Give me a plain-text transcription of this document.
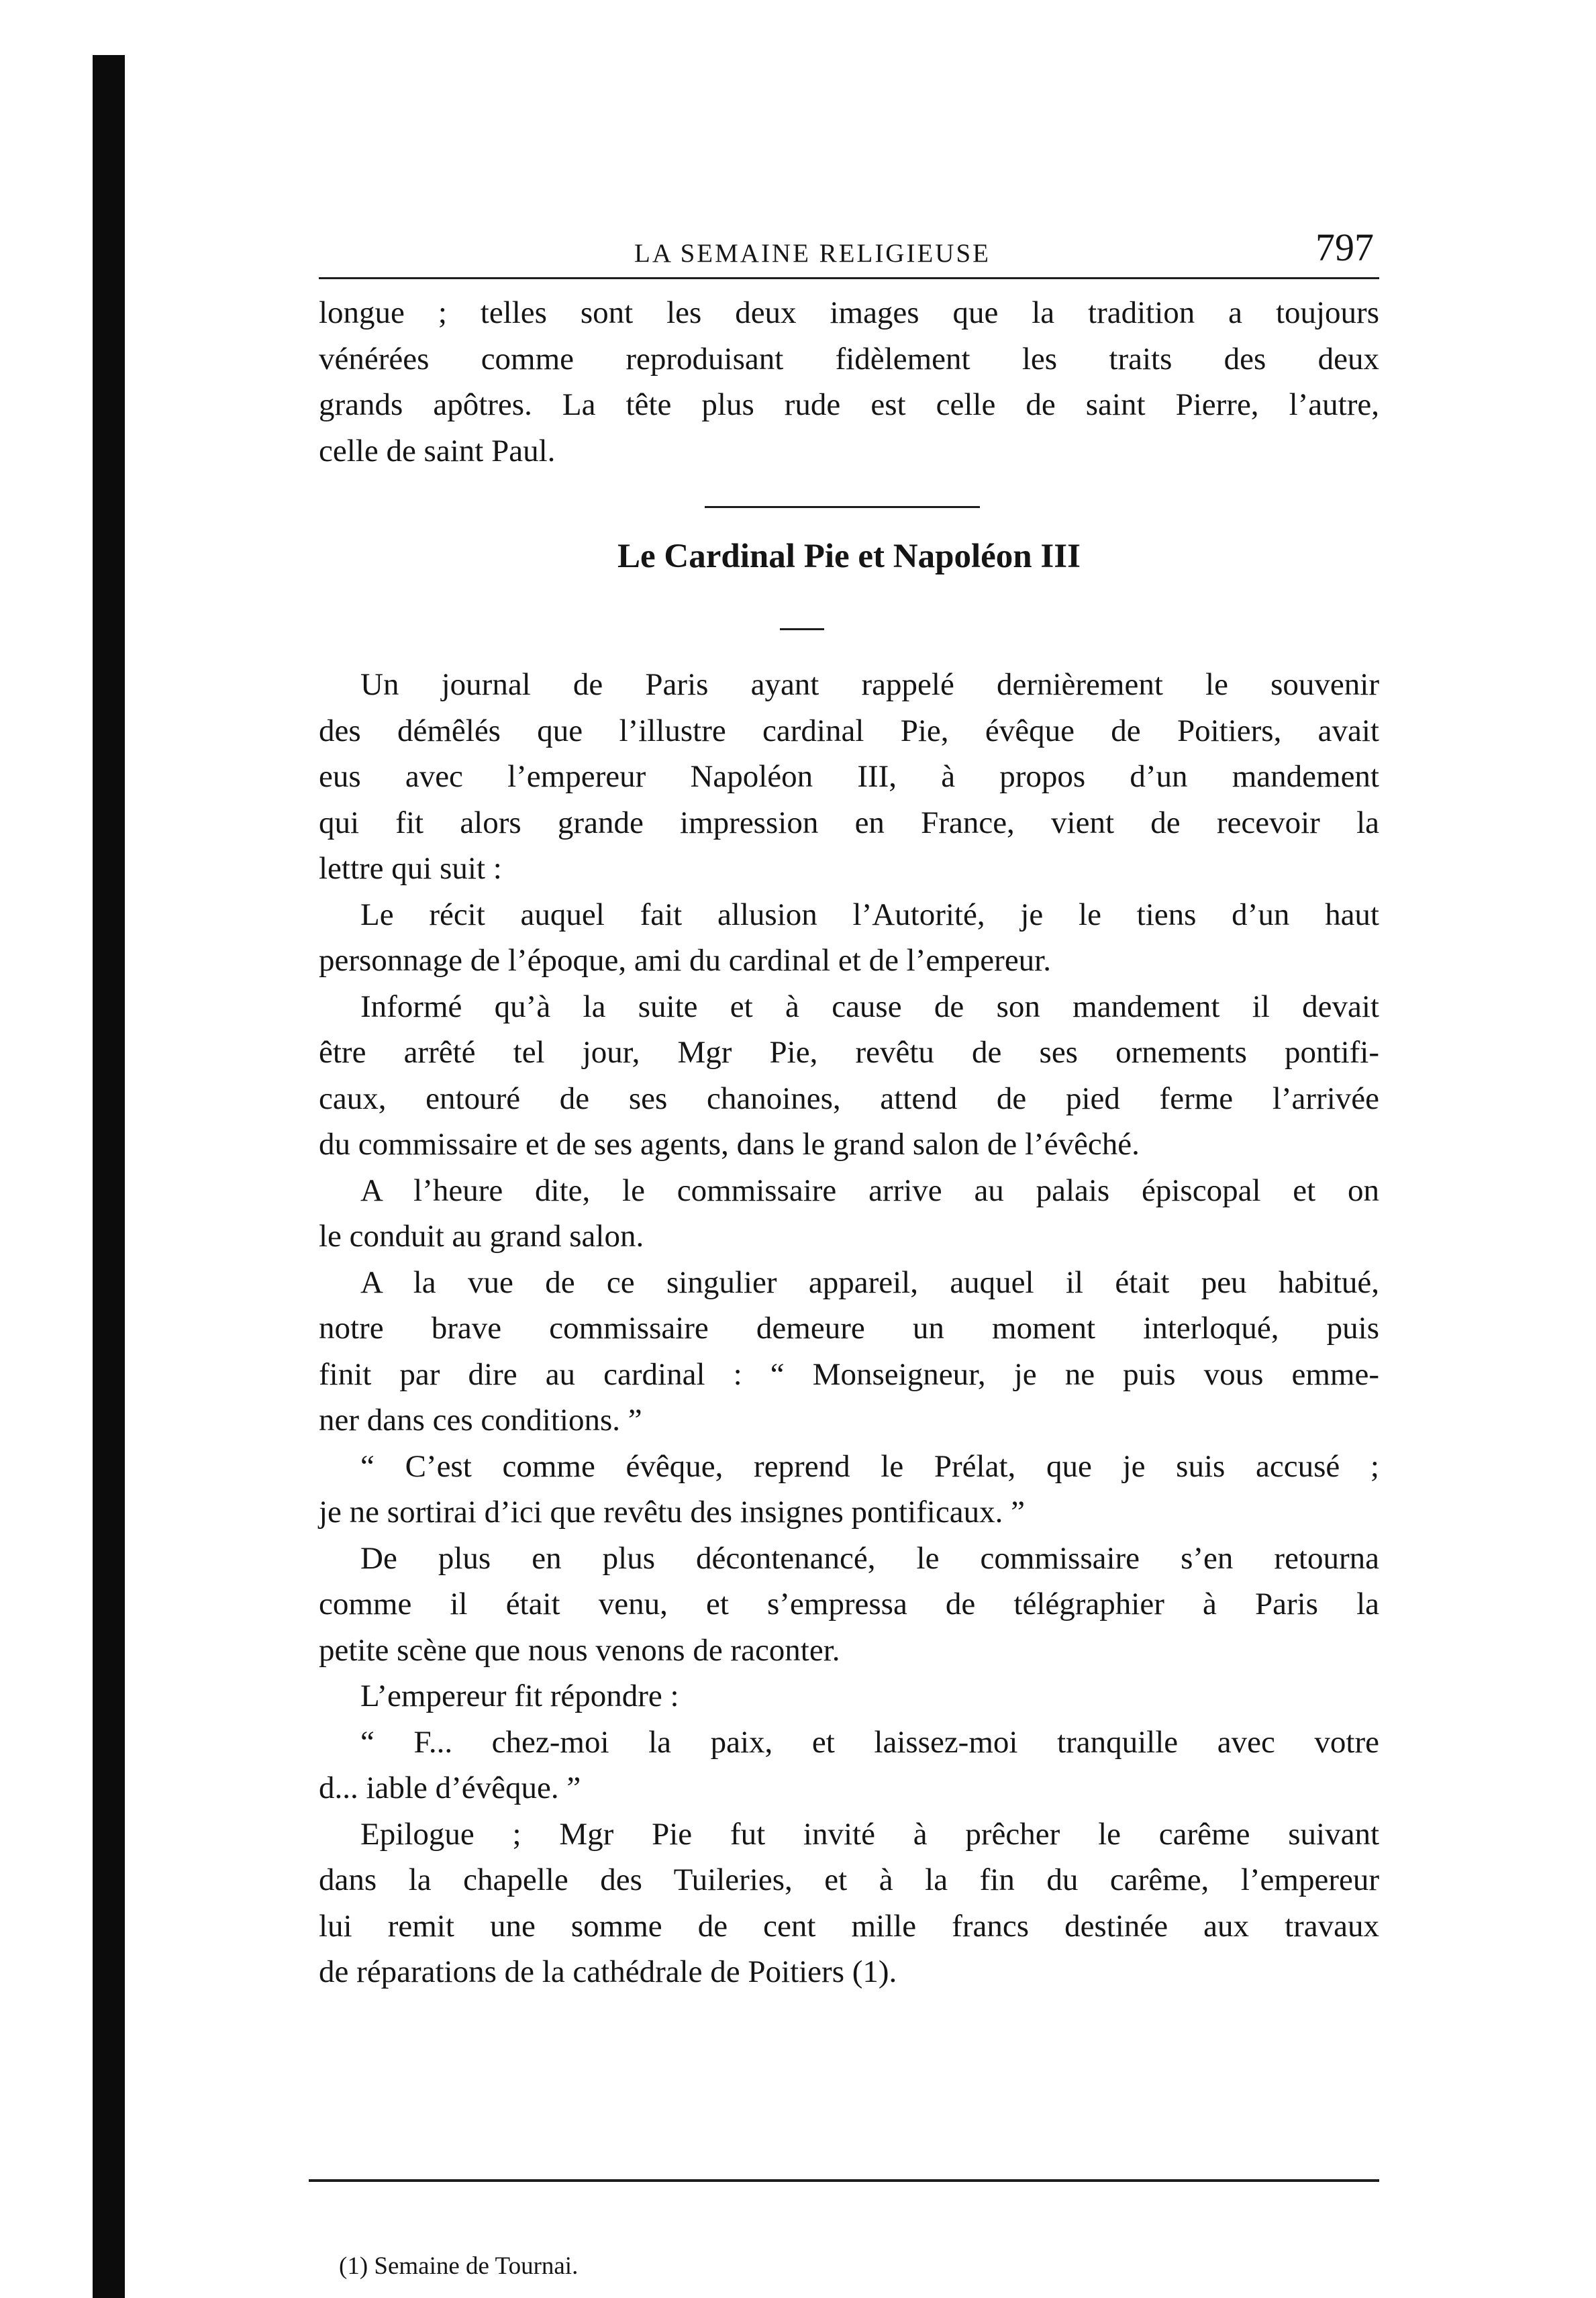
LA SEMAINE RELIGIEUSE	797
longue ; telles sont les deux images que la tradition a toujours
vénérées comme reproduisant fidèlement les traits des deux
grands apôtres. La tête plus rude est celle de saint Pierre, l’autre,
celle de saint Paul.
Le Cardinal Pie et Napoléon III
Un journal de Paris ayant rappelé dernièrement le souvenir
des démêlés que l’illustre cardinal Pie, évêque de Poitiers, avait
eus avec l’empereur Napoléon III, à propos d’un mandement
qui fit alors grande impression en France, vient de recevoir la
lettre qui suit :
Le récit auquel fait allusion l’Autorité, je le tiens d’un haut
personnage de l’époque, ami du cardinal et de l’empereur.
Informé qu’à la suite et à cause de son mandement il devait
être arrêté tel jour, Mgr Pie, revêtu de ses ornements pontifi-
caux, entouré de ses chanoines, attend de pied ferme l’arrivée
du commissaire et de ses agents, dans le grand salon de l’évêché.
A l’heure dite, le commissaire arrive au palais épiscopal et on
le conduit au grand salon.
A la vue de ce singulier appareil, auquel il était peu habitué,
notre brave commissaire demeure un moment interloqué, puis
finit par dire au cardinal : “ Monseigneur, je ne puis vous emme-
ner dans ces conditions. ”
“ C’est comme évêque, reprend le Prélat, que je suis accusé ;
je ne sortirai d’ici que revêtu des insignes pontificaux. ”
De plus en plus décontenancé, le commissaire s’en retourna
comme il était venu, et s’empressa de télégraphier à Paris la
petite scène que nous venons de raconter.
L’empereur fit répondre :
“ F... chez-moi la paix, et laissez-moi tranquille avec votre
d... iable d’évêque. ”
Epilogue ; Mgr Pie fut invité à prêcher le carême suivant
dans la chapelle des Tuileries, et à la fin du carême, l’empereur
lui remit une somme de cent mille francs destinée aux travaux
de réparations de la cathédrale de Poitiers (1).
(1) Semaine de Tournai.
